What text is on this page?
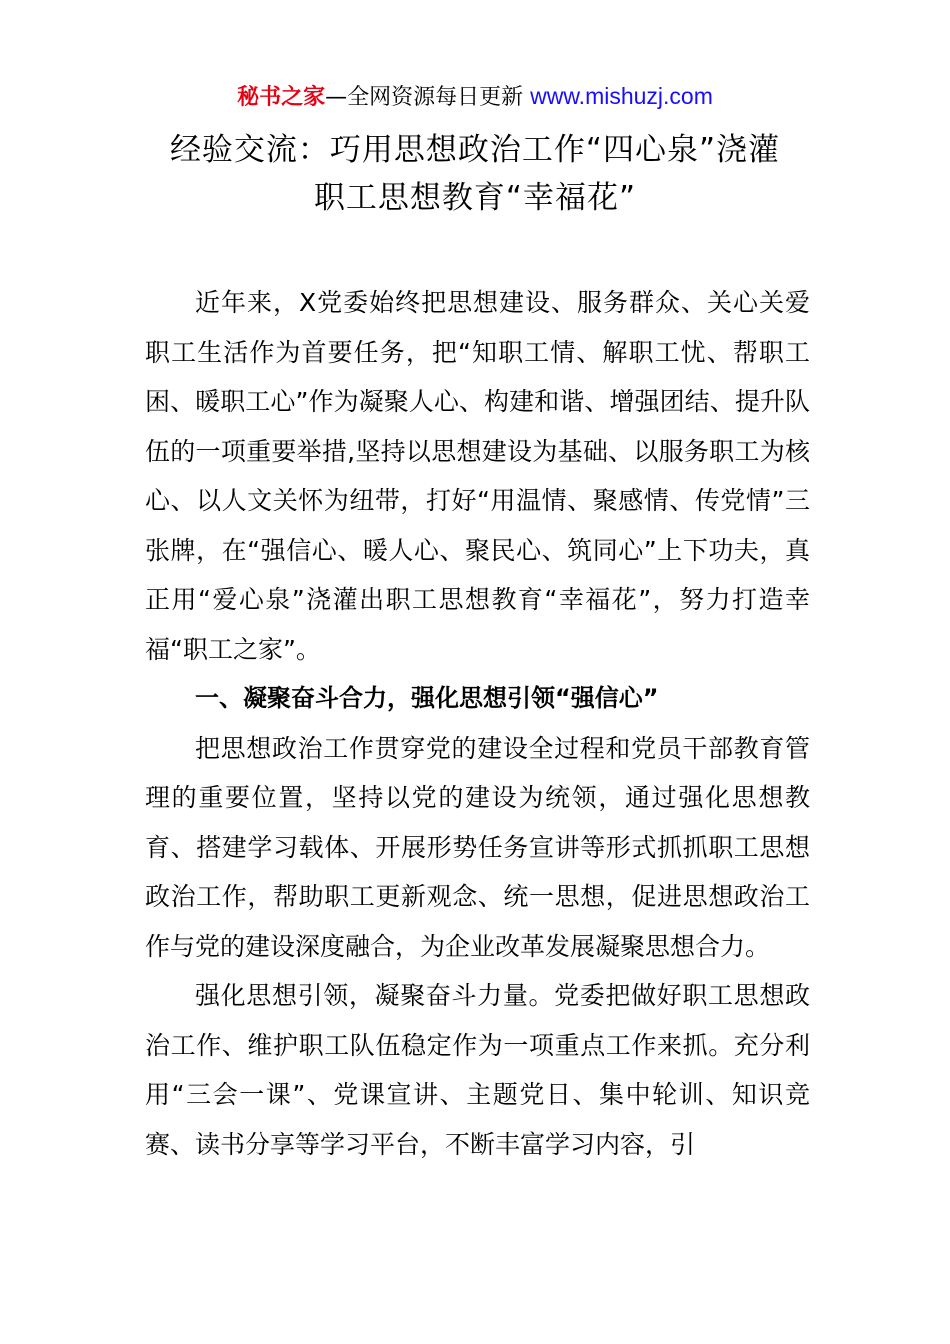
秘书之家—全网资源每日更新 www.mishuzj.com
经验交流：巧用思想政治工作“四心泉”浇灌
职工思想教育“幸福花”

近年来，X党委始终把思想建设、服务群众、关心关爱职工生活作为首要任务，把“知职工情、解职工忧、帮职工困、暖职工心”作为凝聚人心、构建和谐、增强团结、提升队伍的一项重要举措,坚持以思想建设为基础、以服务职工为核心、以人文关怀为纽带，打好“用温情、聚感情、传党情”三张牌，在“强信心、暖人心、聚民心、筑同心”上下功夫，真正用“爱心泉”浇灌出职工思想教育“幸福花”，努力打造幸福“职工之家”。

一、凝聚奋斗合力，强化思想引领“强信心”

把思想政治工作贯穿党的建设全过程和党员干部教育管理的重要位置，坚持以党的建设为统领，通过强化思想教育、搭建学习载体、开展形势任务宣讲等形式抓抓职工思想政治工作，帮助职工更新观念、统一思想，促进思想政治工作与党的建设深度融合，为企业改革发展凝聚思想合力。

强化思想引领，凝聚奋斗力量。党委把做好职工思想政治工作、维护职工队伍稳定作为一项重点工作来抓。充分利用“三会一课”、党课宣讲、主题党日、集中轮训、知识竞赛、读书分享等学习平台，不断丰富学习内容，引
